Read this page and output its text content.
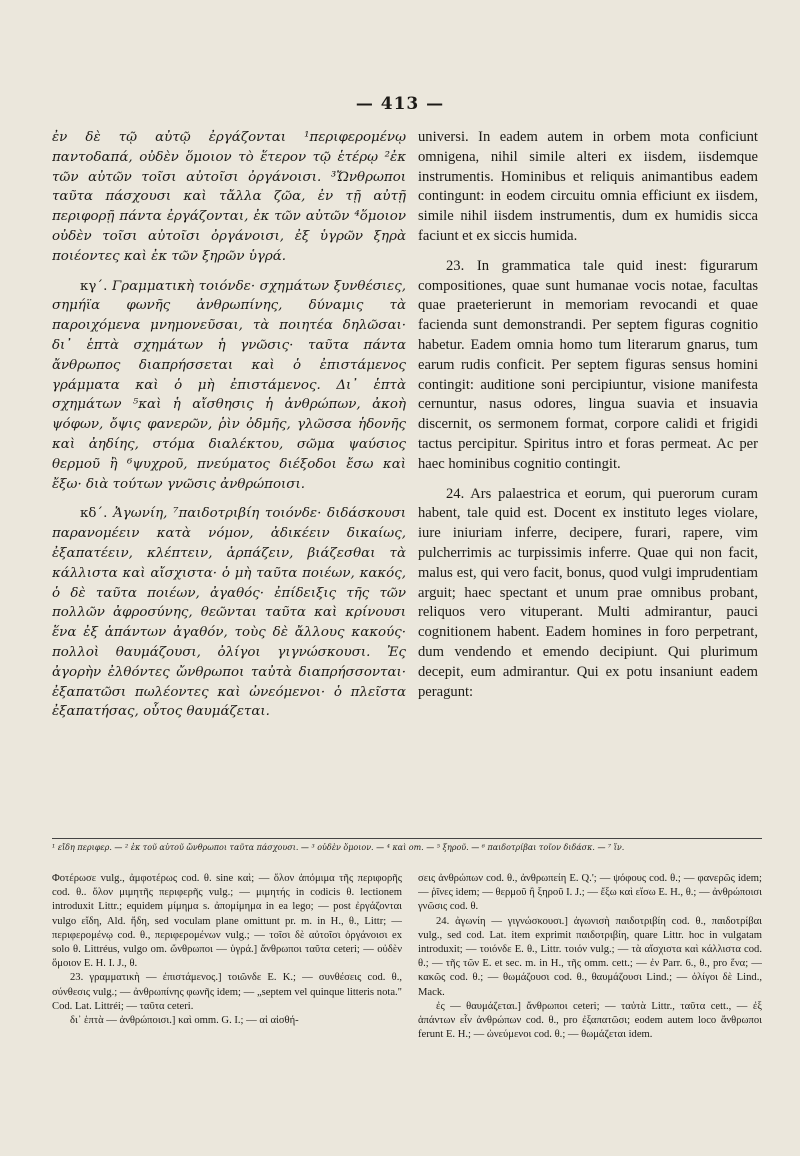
— 413 —

ἐν δὲ τῷ αὐτῷ ἐργάζονται ¹περιφερομένῳ παντοδαπά, οὐδὲν ὅμοιον τὸ ἕτερον τῷ ἑτέρῳ ²ἐκ τῶν αὐτῶν τοῖσι αὐτοῖσι ὀργάνοισι. ³Ὤνθρωποι ταῦτα πάσχουσι καὶ τἄλλα ζῶα, ἐν τῇ αὐτῇ περιφορῇ πάντα ἐργάζονται, ἐκ τῶν αὐτῶν ⁴ὅμοιον οὐδὲν τοῖσι αὐτοῖσι ὀργάνοισι, ἐξ ὑγρῶν ξηρὰ ποιέοντες καὶ ἐκ τῶν ξηρῶν ὑγρά.

κγ΄. Γραμματικὴ τοιόνδε· σχημάτων ξυνθέσιες, σημήϊα φωνῆς ἀνθρωπίνης, δύναμις τὰ παροιχόμενα μνημονεῦσαι, τὰ ποιητέα δηλῶσαι· δι᾽ ἑπτὰ σχημάτων ἡ γνῶσις· ταῦτα πάντα ἄνθρωπος διαπρήσσεται καὶ ὁ ἐπιστάμενος γράμματα καὶ ὁ μὴ ἐπιστάμενος. Δι᾽ ἑπτὰ σχημάτων ⁵καὶ ἡ αἴσθησις ἡ ἀνθρώπων, ἀκοὴ ψόφων, ὄψις φανερῶν, ῥὶν ὀδμῆς, γλῶσσα ἡδονῆς καὶ ἀηδίης, στόμα διαλέκτου, σῶμα ψαύσιος θερμοῦ ἢ ⁶ψυχροῦ, πνεύματος διέξοδοι ἔσω καὶ ἔξω· διὰ τούτων γνῶσις ἀνθρώποισι.

κδ΄. Ἀγωνίη, ⁷παιδοτριβίη τοιόνδε· διδάσκουσι παρανομέειν κατὰ νόμον, ἀδικέειν δικαίως, ἐξαπατέειν, κλέπτειν, ἁρπάζειν, βιάζεσθαι τὰ κάλλιστα καὶ αἴσχιστα· ὁ μὴ ταῦτα ποιέων, κακός, ὁ δὲ ταῦτα ποιέων, ἀγαθός· ἐπίδειξις τῆς τῶν πολλῶν ἀφροσύνης, θεῶνται ταῦτα καὶ κρίνουσι ἕνα ἐξ ἁπάντων ἀγαθόν, τοὺς δὲ ἄλλους κακούς· πολλοὶ θαυμάζουσι, ὀλίγοι γιγνώσκουσι. Ἐς ἀγορὴν ἐλθόντες ὤνθρωποι ταὐτὰ διαπρήσσονται· ἐξαπατῶσι πωλέοντες καὶ ὠνεόμενοι· ὁ πλεῖστα ἐξαπατήσας, οὗτος θαυμάζεται.

universi. In eadem autem in orbem mota conficiunt omnigena, nihil simile alteri ex iisdem, iisdemque instrumentis. Hominibus et reliquis animantibus eadem contingunt: in eodem circuitu omnia efficiunt ex iisdem, simile nihil iisdem instrumentis, dum ex humidis sicca faciunt et ex siccis humida.

23. In grammatica tale quid inest: figurarum compositiones, quae sunt humanae vocis notae, facultas quae praeterierunt in memoriam revocandi et quae facienda sunt demonstrandi. Per septem figuras cognitio habetur. Eadem omnia homo tum literarum gnarus, tum earum rudis conficit. Per septem figuras sensus homini contingit: auditione soni percipiuntur, visione manifesta cernuntur, nasus odores, lingua suavia et insuavia discernit, os sermonem format, corpore calidi et frigidi tactus percipitur. Spiritus intro et foras permeat. Ac per haec hominibus cognitio contingit.

24. Ars palaestrica et eorum, qui puerorum curam habent, tale quid est. Docent ex instituto leges violare, iure iniuriam inferre, decipere, furari, rapere, vim pulcherrimis ac turpissimis inferre. Quae qui non facit, malus est, qui vero facit, bonus, quod vulgi imprudentiam arguit; haec spectant et unum prae omnibus probant, reliquos vero vituperant. Multi admirantur, pauci cognitionem habent. Eadem homines in foro perpetrant, dum vendendo et emendo decipiunt. Qui plurimum decepit, eum admirantur. Qui ex potu insaniunt eadem peragunt:

¹ εἴδη περιφερ. — ² ἐκ τοῦ αὐτοῦ ὤνθρωποι ταῦτα πάσχουσι. — ³ οὐδὲν ὅμοιον. — ⁴ καὶ om. — ⁵ ξηροῦ. — ⁶ παιδοτρίβαι τοῖον διδάσκ. — ⁷ ἵν.

Φοτέρωσε vulg., ἀμφοτέρως cod. θ. sine καὶ; — ὅλον ἀπόμιμα τῆς περιφορῆς cod. θ.. ὅλον μιμητῆς περιφερῆς vulg.; — μιμητής in codicis θ. lectionem introduxit Littr.; equidem μίμημα s. ἀπομίμημα in ea lego; — post ἐργάζονται vulgo εἴδη, Ald. ἤδη, sed voculam plane omittunt pr. m. in H., θ., Littr; — περιφερομένῳ cod. θ., περιφερομένων vulg.; — τοῖσι δὲ αὐτοῖσι ὀργάνοισι ex solo θ. Littréus, vulgo om. ὤνθρωποι — ὑγρά.] ἄνθρωποι ταῦτα ceteri; — οὐδὲν ὅμοιον E. H. I. J., θ.

23. γραμματικὴ — ἐπιστάμενος.] τοιῶνδε E. K.; — συνθέσεις cod. θ., σύνθεσις vulg.; — ἀνθρωπίνης φωνῆς idem; — „septem vel quinque litteris nota." Cod. Lat. Littréi; — ταῦτα ceteri.

δι᾽ ἑπτὰ — ἀνθρώποισι.] καὶ omm. G. I.; — αἱ αἰσθή-

σεις ἀνθρώπων cod. θ., ἀνθρωπείη E. Q.'; — ψόφους cod. θ.; — φανερῶς idem; — ῥῖνες idem; — θερμοῦ ἢ ξηροῦ I. J.; — ἔξω καὶ εἴσω E. H., θ.; — ἀνθρώποισι γνῶσις cod. θ.

24. ἀγωνίη — γιγνώσκουσι.] ἀγωνισὴ παιδοτριβίη cod. θ., παιδοτρίβαι vulg., sed cod. Lat. item exprimit παιδοτριβίη, quare Littr. hoc in vulgatam introduxit; — τοιόνδε E. θ., Littr. τοιόν vulg.; — τὰ αἴσχιστα καὶ κάλλιστα cod. θ.; — τῆς τῶν E. et sec. m. in H., τῆς omm. cett.; — ἐν Parr. 6., θ., pro ἕνα; — κακῶς cod. θ.; — θωμάζουσι cod. θ., θαυμάζουσι Lind.; — ὀλίγοι δὲ Lind., Mack.

ἐς — θαυμάζεται.] ἄνθρωποι ceteri; — ταὐτὰ Littr., ταῦτα cett., — ἐξ ἁπάντων εἶν ἀνθρώπων cod. θ., pro ἐξαπατῶσι; eodem autem loco ἄνθρωποι ferunt E. H.; — ὠνεύμενοι cod. θ.; — θωμάζεται idem.
